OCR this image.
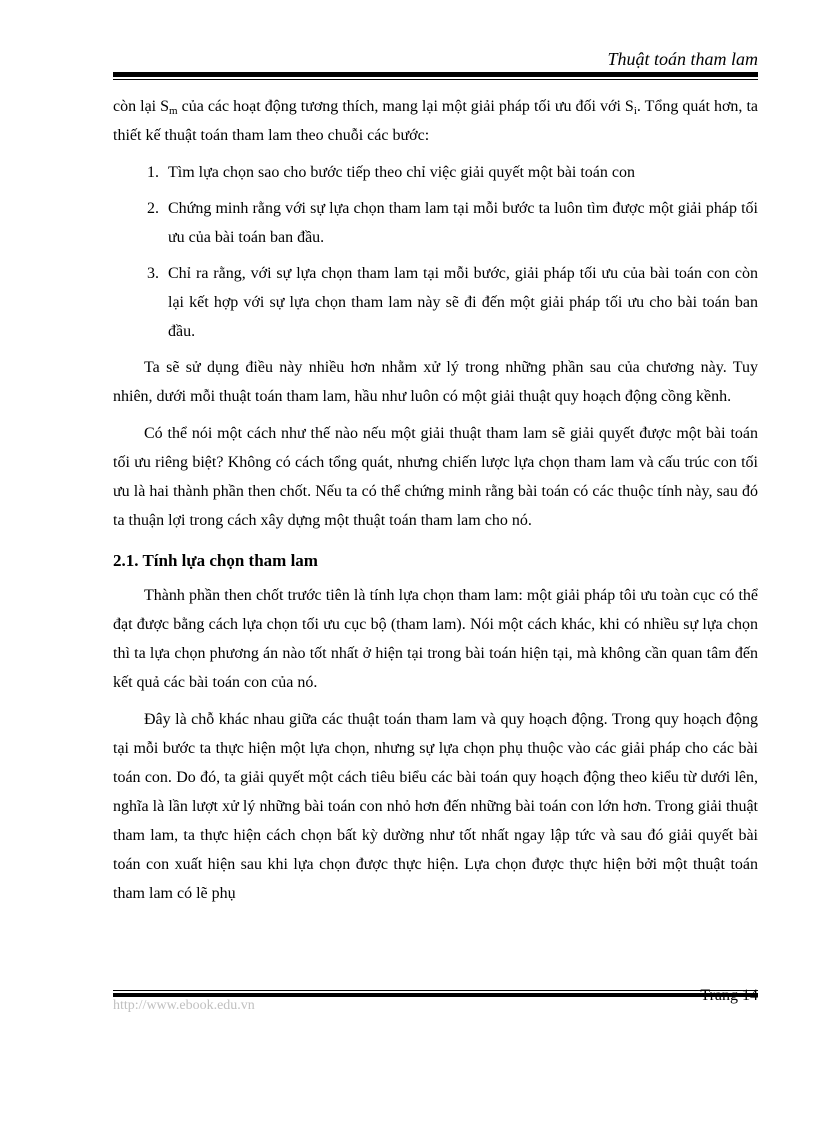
Thuật toán tham lam

còn lại $S_m$ của các hoạt động tương thích, mang lại một giải pháp tối ưu đối với $S_i$. Tổng quát hơn, ta thiết kế thuật toán tham lam theo chuỗi các bước:

1. Tìm lựa chọn sao cho bước tiếp theo chỉ việc giải quyết một bài toán con
2. Chứng minh rằng với sự lựa chọn tham lam tại mỗi bước ta luôn tìm được một giải pháp tối ưu của bài toán ban đầu.
3. Chỉ ra rằng, với sự lựa chọn tham lam tại mỗi bước, giải pháp tối ưu của bài toán con còn lại kết hợp với sự lựa chọn tham lam này sẽ đi đến một giải pháp tối ưu cho bài toán ban đầu.

Ta sẽ sử dụng điều này nhiều hơn nhằm xử lý trong những phần sau của chương này. Tuy nhiên, dưới mỗi thuật toán tham lam, hầu như luôn có một giải thuật quy hoạch động cồng kềnh.

Có thể nói một cách như thế nào nếu một giải thuật tham lam sẽ giải quyết được một bài toán tối ưu riêng biệt? Không có cách tổng quát, nhưng chiến lược lựa chọn tham lam và cấu trúc con tối ưu là hai thành phần then chốt. Nếu ta có thể chứng minh rằng bài toán có các thuộc tính này, sau đó ta thuận lợi trong cách xây dựng một thuật toán tham lam cho nó.

2.1. Tính lựa chọn tham lam

Thành phần then chốt trước tiên là tính lựa chọn tham lam: một giải pháp tôi ưu toàn cục có thể đạt được bằng cách lựa chọn tối ưu cục bộ (tham lam). Nói một cách khác, khi có nhiều sự lựa chọn thì ta lựa chọn phương án nào tốt nhất ở hiện tại trong bài toán hiện tại, mà không cần quan tâm đến kết quả các bài toán con của nó.

Đây là chỗ khác nhau giữa các thuật toán tham lam và quy hoạch động. Trong quy hoạch động tại mỗi bước ta thực hiện một lựa chọn, nhưng sự lựa chọn phụ thuộc vào các giải pháp cho các bài toán con. Do đó, ta giải quyết một cách tiêu biểu các bài toán quy hoạch động theo kiểu từ dưới lên, nghĩa là lần lượt xử lý những bài toán con nhỏ hơn đến những bài toán con lớn hơn. Trong giải thuật tham lam, ta thực hiện cách chọn bất kỳ dường như tốt nhất ngay lập tức và sau đó giải quyết bài toán con xuất hiện sau khi lựa chọn được thực hiện. Lựa chọn được thực hiện bởi một thuật toán tham lam có lẽ phụ

http://www.ebook.edu.vn
Trang 14
